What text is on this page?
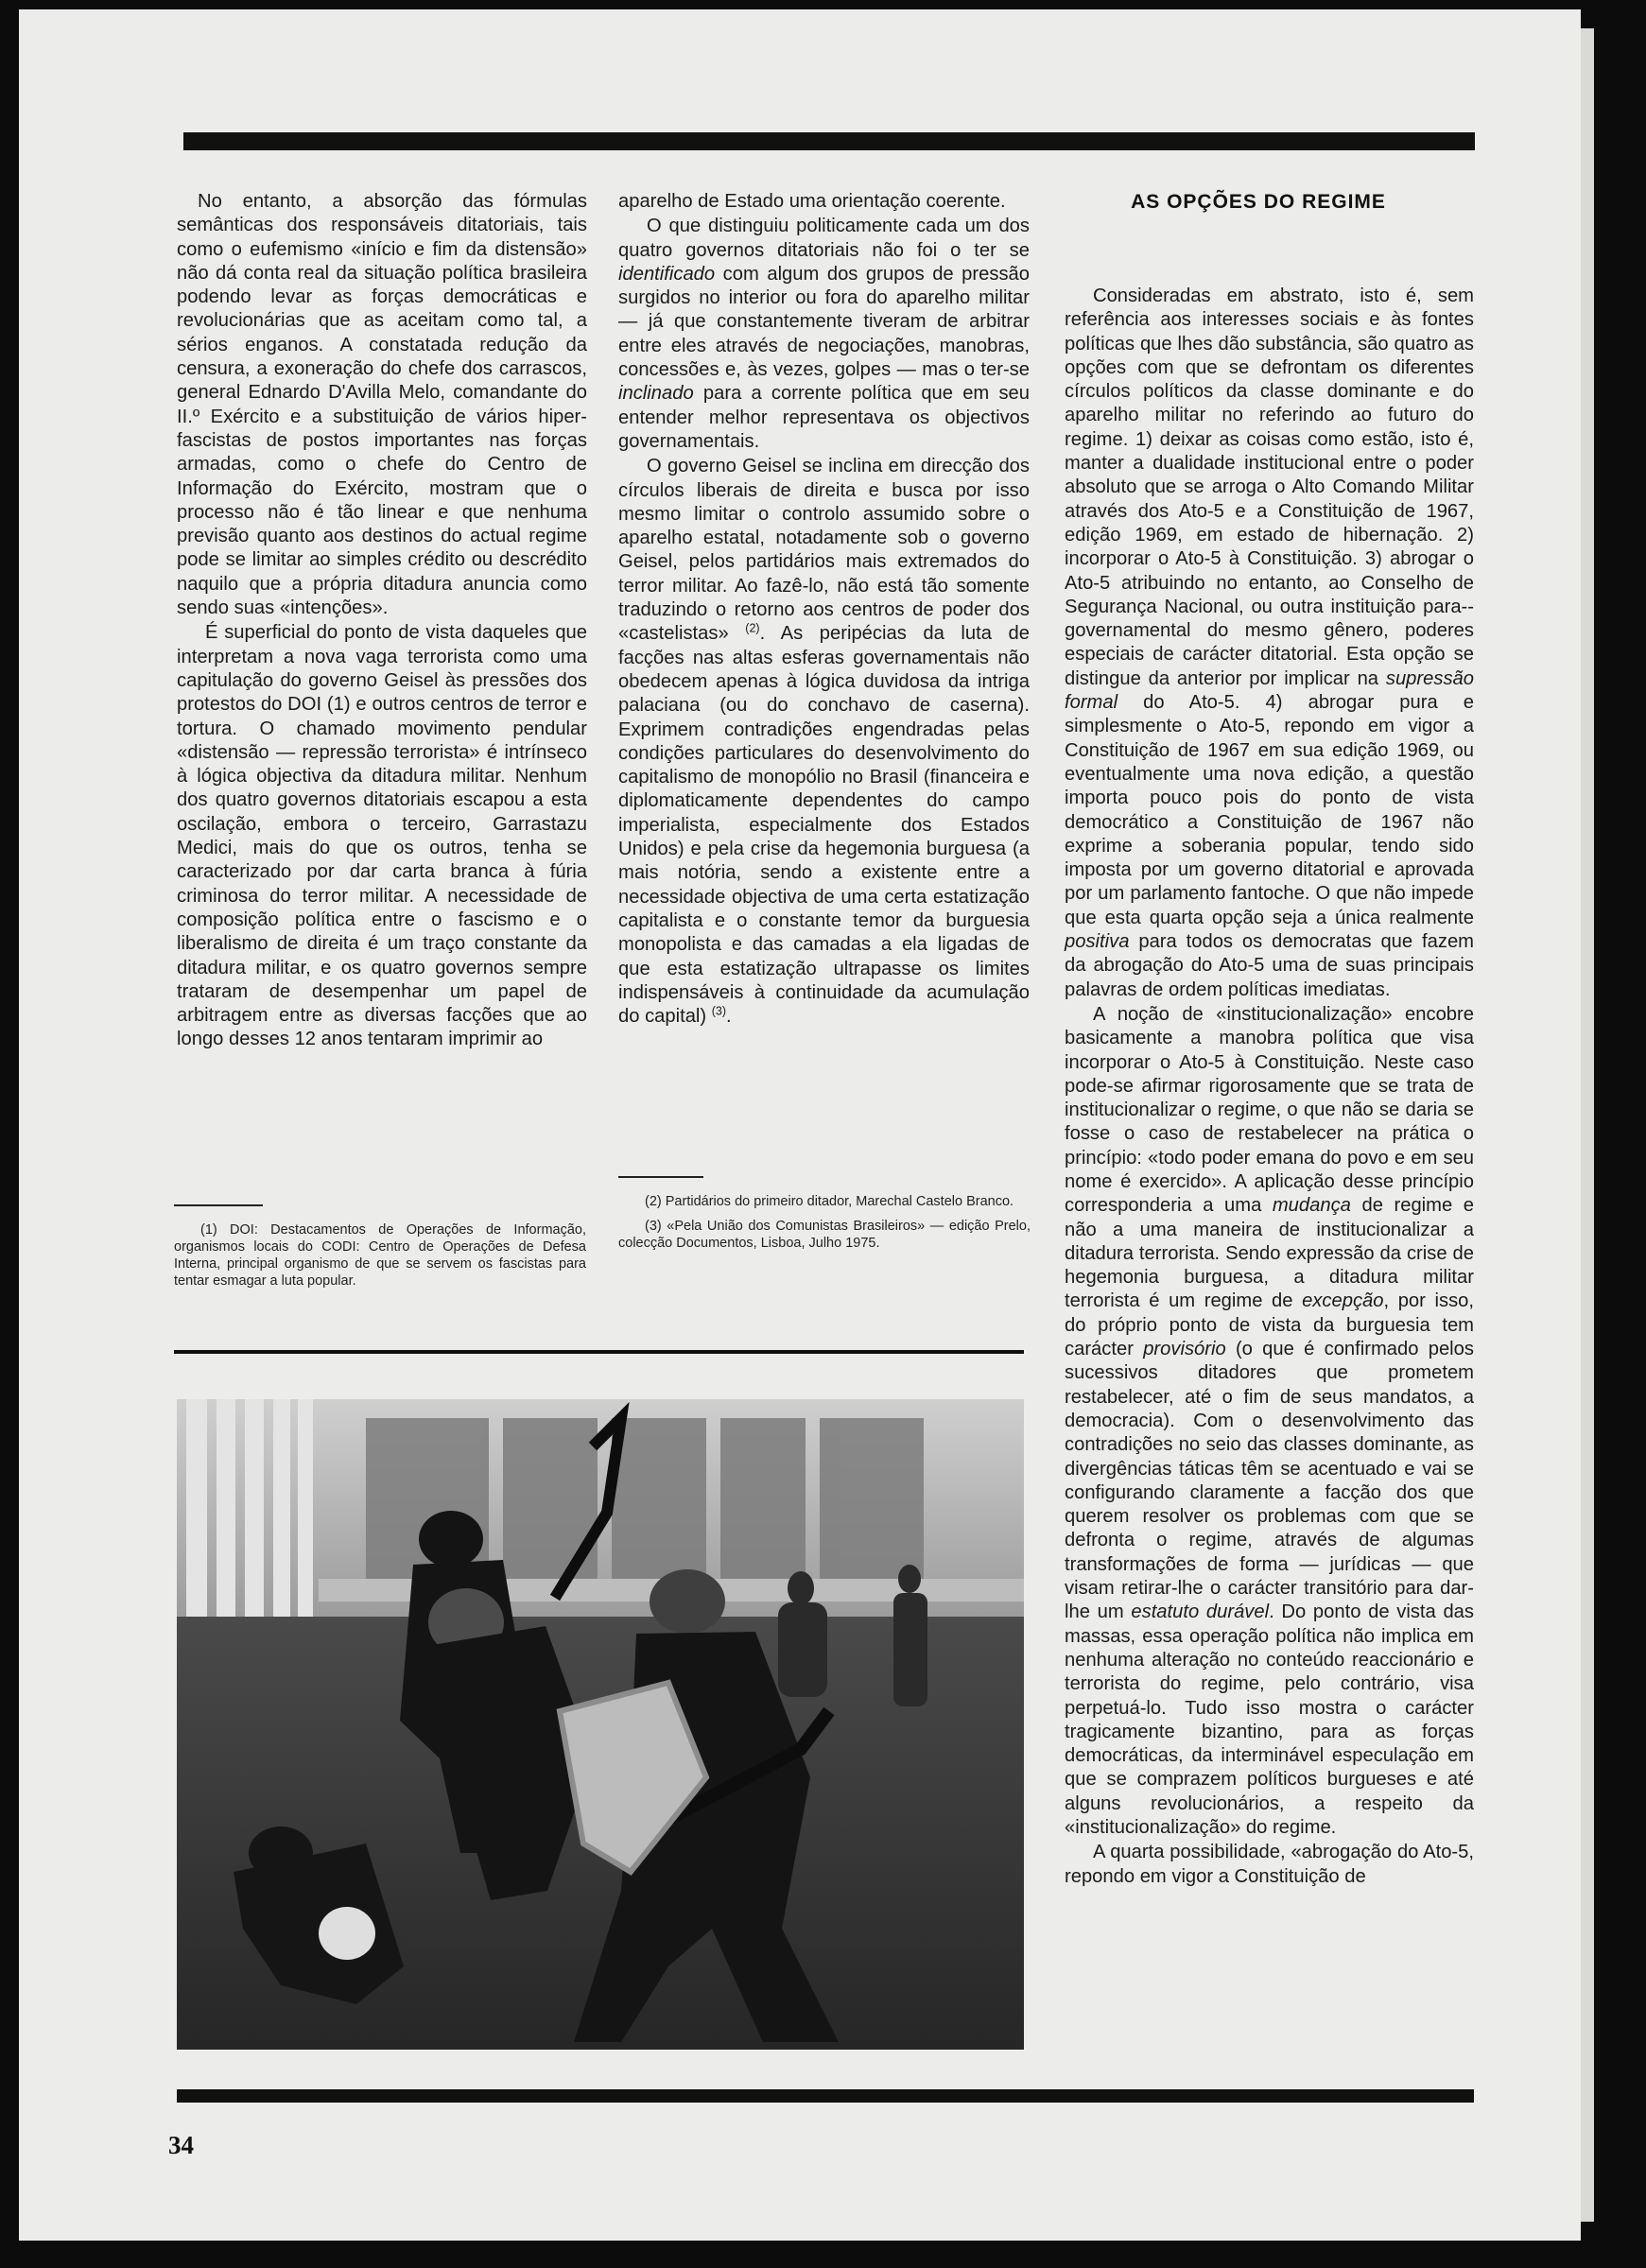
No entanto, a absorção das fórmulas semânticas dos responsáveis ditatoriais, tais como o eufemismo «início e fim da distensão» não dá conta real da situação política brasileira podendo levar as forças democráticas e revolucionárias que as aceitam como tal, a sérios enganos. A constatada redução da censura, a exoneração do chefe dos carrascos, general Ednardo D'Avilla Melo, comandante do II.º Exército e a substituição de vários hiper-fascistas de postos importantes nas forças armadas, como o chefe do Centro de Informação do Exército, mostram que o processo não é tão linear e que nenhuma previsão quanto aos destinos do actual regime pode se limitar ao simples crédito ou descrédito naquilo que a própria ditadura anuncia como sendo suas «intenções».

É superficial do ponto de vista daqueles que interpretam a nova vaga terrorista como uma capitulação do governo Geisel às pressões dos protestos do DOI (1) e outros centros de terror e tortura. O chamado movimento pendular «distensão — repressão terrorista» é intrínseco à lógica objectiva da ditadura militar. Nenhum dos quatro governos ditatoriais escapou a esta oscilação, embora o terceiro, Garrastazu Medici, mais do que os outros, tenha se caracterizado por dar carta branca à fúria criminosa do terror militar. A necessidade de composição política entre o fascismo e o liberalismo de direita é um traço constante da ditadura militar, e os quatro governos sempre trataram de desempenhar um papel de arbitragem entre as diversas facções que ao longo desses 12 anos tentaram imprimir ao

(1) DOI: Destacamentos de Operações de Informação, organismos locais do CODI: Centro de Operações de Defesa Interna, principal organismo de que se servem os fascistas para tentar esmagar a luta popular.

aparelho de Estado uma orientação coerente.

O que distinguiu politicamente cada um dos quatro governos ditatoriais não foi o ter se identificado com algum dos grupos de pressão surgidos no interior ou fora do aparelho militar — já que constantemente tiveram de arbitrar entre eles através de negociações, manobras, concessões e, às vezes, golpes — mas o ter-se inclinado para a corrente política que em seu entender melhor representava os objectivos governamentais.

O governo Geisel se inclina em direcção dos círculos liberais de direita e busca por isso mesmo limitar o controlo assumido sobre o aparelho estatal, notadamente sob o governo Geisel, pelos partidários mais extremados do terror militar. Ao fazê-lo, não está tão somente traduzindo o retorno aos centros de poder dos «castelistas» $^{(2)}$. As peripécias da luta de facções nas altas esferas governamentais não obedecem apenas à lógica duvidosa da intriga palaciana (ou do conchavo de caserna). Exprimem contradições engendradas pelas condições particulares do desenvolvimento do capitalismo de monopólio no Brasil (financeira e diplomaticamente dependentes do campo imperialista, especialmente dos Estados Unidos) e pela crise da hegemonia burguesa (a mais notória, sendo a existente entre a necessidade objectiva de uma certa estatização capitalista e o constante temor da burguesia monopolista e das camadas a ela ligadas de que esta estatização ultrapasse os limites indispensáveis à continuidade da acumulação do capital) $^{(3)}$.

(2) Partidários do primeiro ditador, Marechal Castelo Branco.

(3) «Pela União dos Comunistas Brasileiros» — edição Prelo, colecção Documentos, Lisboa, Julho 1975.

AS OPÇÕES DO REGIME

Consideradas em abstrato, isto é, sem referência aos interesses sociais e às fontes políticas que lhes dão substância, são quatro as opções com que se defrontam os diferentes círculos políticos da classe dominante e do aparelho militar no referindo ao futuro do regime. 1) deixar as coisas como estão, isto é, manter a dualidade institucional entre o poder absoluto que se arroga o Alto Comando Militar através dos Ato-5 e a Constituição de 1967, edição 1969, em estado de hibernação. 2) incorporar o Ato-5 à Constituição. 3) abrogar o Ato-5 atribuindo no entanto, ao Conselho de Segurança Nacional, ou outra instituição para--governamental do mesmo gênero, poderes especiais de carácter ditatorial. Esta opção se distingue da anterior por implicar na supressão formal do Ato-5. 4) abrogar pura e simplesmente o Ato-5, repondo em vigor a Constituição de 1967 em sua edição 1969, ou eventualmente uma nova edição, a questão importa pouco pois do ponto de vista democrático a Constituição de 1967 não exprime a soberania popular, tendo sido imposta por um governo ditatorial e aprovada por um parlamento fantoche. O que não impede que esta quarta opção seja a única realmente positiva para todos os democratas que fazem da abrogação do Ato-5 uma de suas principais palavras de ordem políticas imediatas.

A noção de «institucionalização» encobre basicamente a manobra política que visa incorporar o Ato-5 à Constituição. Neste caso pode-se afirmar rigorosamente que se trata de institucionalizar o regime, o que não se daria se fosse o caso de restabelecer na prática o princípio: «todo poder emana do povo e em seu nome é exercido». A aplicação desse princípio corresponderia a uma mudança de regime e não a uma maneira de institucionalizar a ditadura terrorista. Sendo expressão da crise de hegemonia burguesa, a ditadura militar terrorista é um regime de excepção, por isso, do próprio ponto de vista da burguesia tem carácter provisório (o que é confirmado pelos sucessivos ditadores que prometem restabelecer, até o fim de seus mandatos, a democracia). Com o desenvolvimento das contradições no seio das classes dominante, as divergências táticas têm se acentuado e vai se configurando claramente a facção dos que querem resolver os problemas com que se defronta o regime, através de algumas transformações de forma — jurídicas — que visam retirar-lhe o carácter transitório para dar-lhe um estatuto durável. Do ponto de vista das massas, essa operação política não implica em nenhuma alteração no conteúdo reaccionário e terrorista do regime, pelo contrário, visa perpetuá-lo. Tudo isso mostra o carácter tragicamente bizantino, para as forças democráticas, da interminável especulação em que se comprazem políticos burgueses e até alguns revolucionários, a respeito da «institucionalização» do regime.

A quarta possibilidade, «abrogação do Ato-5, repondo em vigor a Constituição de

34
